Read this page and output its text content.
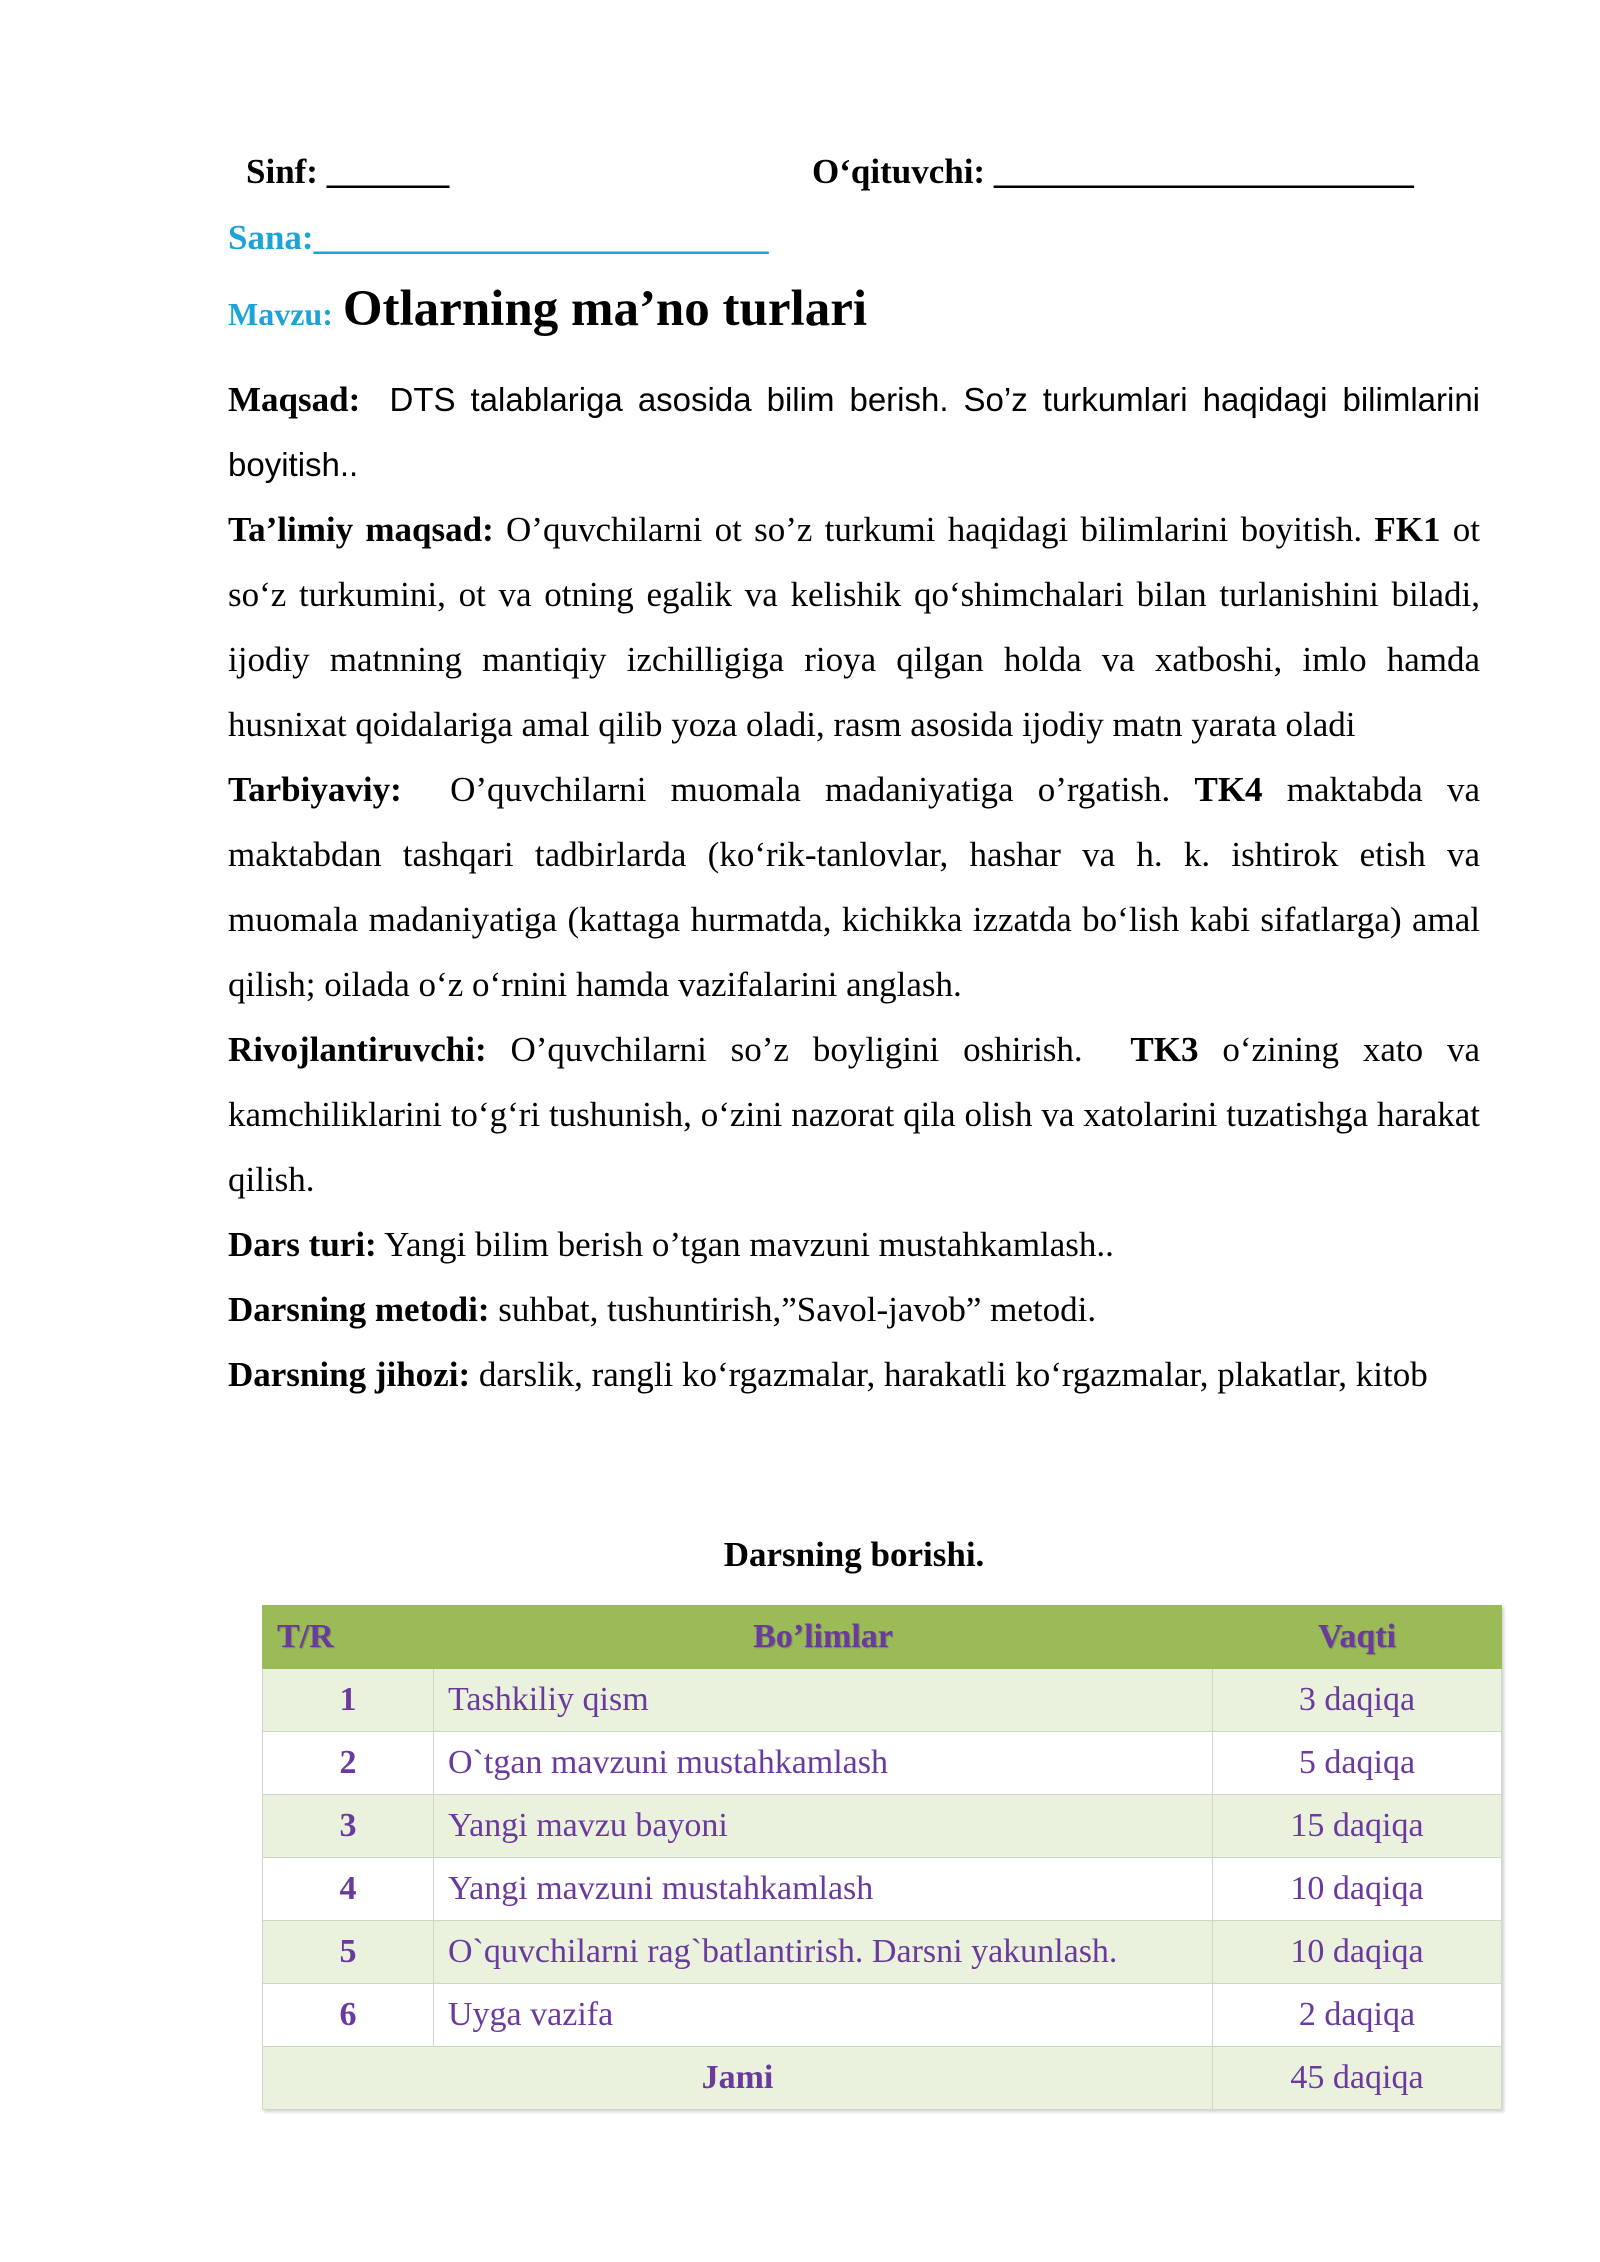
Sinf: _______	O‘qituvchi: ________________________
Sana:__________________________
Mavzu: Otlarning ma’no turlari

Maqsad: DTS talablariga asosida bilim berish. So’z turkumlari haqidagi bilimlarini boyitish..

Ta’limiy maqsad: O’quvchilarni ot so’z turkumi haqidagi bilimlarini boyitish. FK1 ot so‘z turkumini, ot va otning egalik va kelishik qo‘shimchalari bilan turlanishini biladi, ijodiy matnning mantiqiy izchilligiga rioya qilgan holda va xatboshi, imlo hamda husnixat qoidalariga amal qilib yoza oladi, rasm asosida ijodiy matn yarata oladi

Tarbiyaviy: O’quvchilarni muomala madaniyatiga o’rgatish. TK4 maktabda va maktabdan tashqari tadbirlarda (ko‘rik-tanlovlar, hashar va h. k. ishtirok etish va muomala madaniyatiga (kattaga hurmatda, kichikka izzatda bo‘lish kabi sifatlarga) amal qilish; oilada o‘z o‘rnini hamda vazifalarini anglash.

Rivojlantiruvchi: O’quvchilarni so’z boyligini oshirish. TK3 o‘zining xato va kamchiliklarini to‘g‘ri tushunish, o‘zini nazorat qila olish va xatolarini tuzatishga harakat qilish.

Dars turi: Yangi bilim berish o’tgan mavzuni mustahkamlash..

Darsning metodi: suhbat, tushuntirish,”Savol-javob” metodi.

Darsning jihozi: darslik, rangli ko‘rgazmalar, harakatli ko‘rgazmalar, plakatlar, kitob

Darsning borishi.
T/R	Bo’limlar	Vaqti
1	Tashkiliy qism	3 daqiqa
2	O`tgan mavzuni mustahkamlash	5 daqiqa
3	Yangi mavzu bayoni	15 daqiqa
4	Yangi mavzuni mustahkamlash	10 daqiqa
5	O`quvchilarni rag`batlantirish. Darsni yakunlash.	10 daqiqa
6	Uyga vazifa	2 daqiqa
Jami		45 daqiqa
